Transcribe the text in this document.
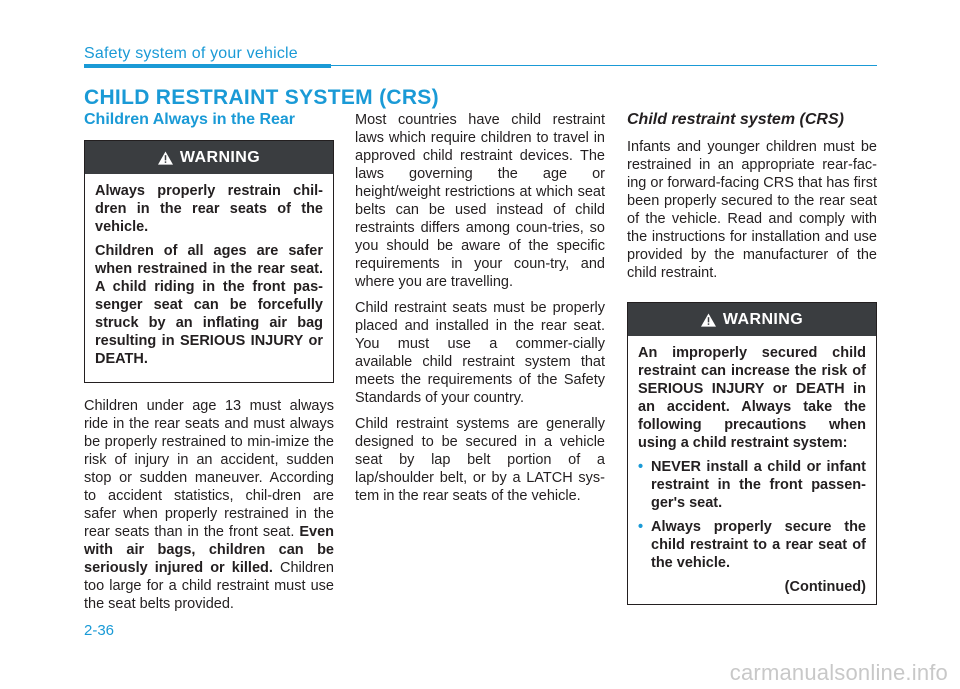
Safety system of your vehicle
CHILD RESTRAINT SYSTEM (CRS)
Children Always in the Rear
WARNING

Always properly restrain chil-dren in the rear seats of the vehicle.

Children of all ages are safer when restrained in the rear seat. A child riding in the front pas-senger seat can be forcefully struck by an inflating air bag resulting in SERIOUS INJURY or DEATH.

Children under age 13 must always ride in the rear seats and must always be properly restrained to min-imize the risk of injury in an accident, sudden stop or sudden maneuver. According to accident statistics, chil-dren are safer when properly restrained in the rear seats than in the front seat. Even with air bags, children can be seriously injured or killed. Children too large for a child restraint must use the seat belts provided.

Most countries have child restraint laws which require children to travel in approved child restraint devices. The laws governing the age or height/weight restrictions at which seat belts can be used instead of child restraints differs among coun-tries, so you should be aware of the specific requirements in your coun-try, and where you are travelling.

Child restraint seats must be properly placed and installed in the rear seat. You must use a commer-cially available child restraint system that meets the requirements of the Safety Standards of your country.

Child restraint systems are generally designed to be secured in a vehicle seat by lap belt portion of a lap/shoulder belt, or by a LATCH sys-tem in the rear seats of the vehicle.

Child restraint system (CRS)

Infants and younger children must be restrained in an appropriate rear-fac-ing or forward-facing CRS that has first been properly secured to the rear seat of the vehicle. Read and comply with the instructions for installation and use provided by the manufacturer of the child restraint.

WARNING

An improperly secured child restraint can increase the risk of SERIOUS INJURY or DEATH in an accident. Always take the following precautions when using a child restraint system:

• NEVER install a child or infant restraint in the front passen-ger's seat.
• Always properly secure the child restraint to a rear seat of the vehicle.
(Continued)
2-36
carmanualsonline.info
